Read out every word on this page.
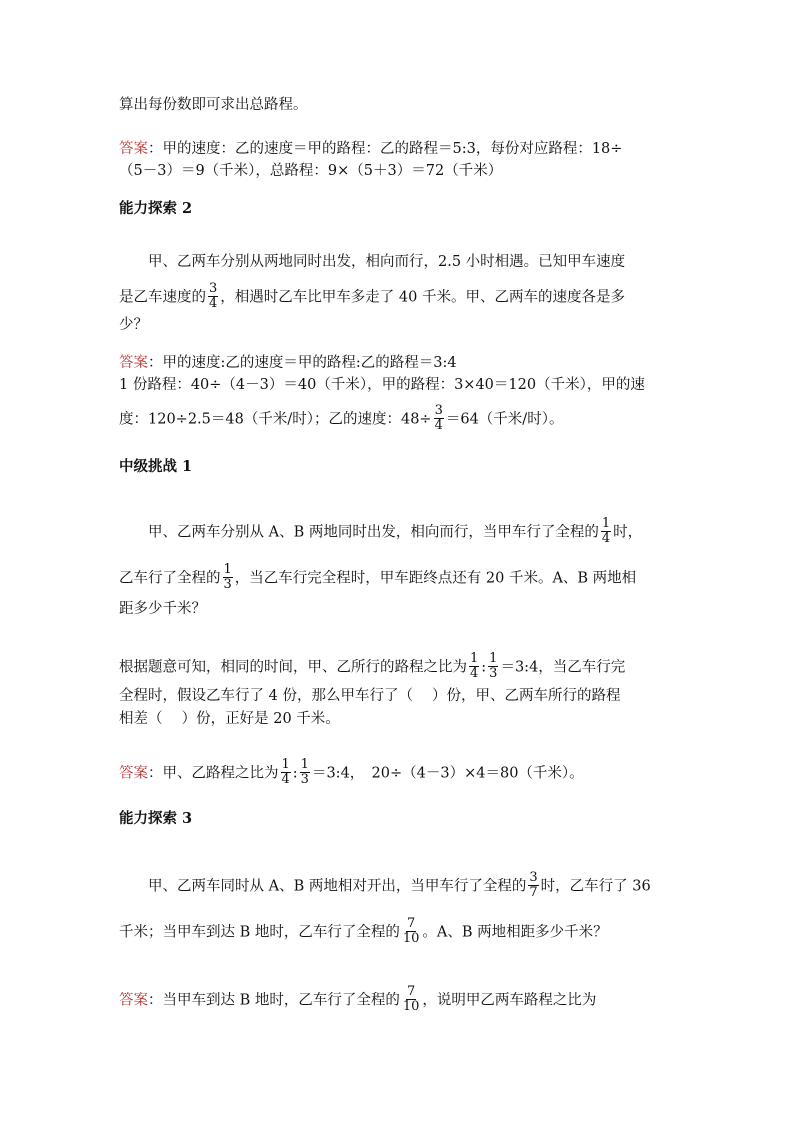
算出每份数即可求出总路程。
答案：甲的速度：乙的速度＝甲的路程：乙的路程＝5:3，每份对应路程：18÷
（5－3）＝9（千米），总路程：9×（5＋3）＝72（千米）
能力探索 2
甲、乙两车分别从两地同时出发，相向而行，2.5 小时相遇。已知甲车速度
是乙车速度的 $\frac{3}{4}$ ，相遇时乙车比甲车多走了 40 千米。甲、乙两车的速度各是多
少？
答案：甲的速度:乙的速度＝甲的路程:乙的路程＝3:4
1 份路程：40÷（4－3）＝40（千米），甲的路程：3×40＝120（千米），甲的速
度：120÷2.5＝48（千米/时）；乙的速度：$48\div \frac{3}{4} =64$（千米/时）。
中级挑战 1
甲、乙两车分别从 A、B 两地同时出发，相向而行，当甲车行了全程的 $\frac{1}{4}$ 时，
乙车行了全程的 $\frac{1}{3}$ ，当乙车行完全程时，甲车距终点还有 20 千米。A、B 两地相
距多少千米？
根据题意可知，相同的时间，甲、乙所行的路程之比为 $\frac{1}{4}$ : $\frac{1}{3}$ ＝3:4，当乙车行完
全程时，假设乙车行了 4 份，那么甲车行了（　 ）份，甲、乙两车所行的路程
相差（　 ）份，正好是 20 千米。
答案：甲、乙路程之比为 $\frac{1}{4}$ : $\frac{1}{3}$ ＝3:4，　20÷（4－3）×4＝80（千米）。
能力探索 3
甲、乙两车同时从 A、B 两地相对开出，当甲车行了全程的 $\frac{3}{7}$ 时，乙车行了 36
千米；当甲车到达 B 地时，乙车行了全程的 $\frac{7}{10}$ 。A、B 两地相距多少千米？
答案：当甲车到达 B 地时，乙车行了全程的 $\frac{7}{10}$ ，说明甲乙两车路程之比为
